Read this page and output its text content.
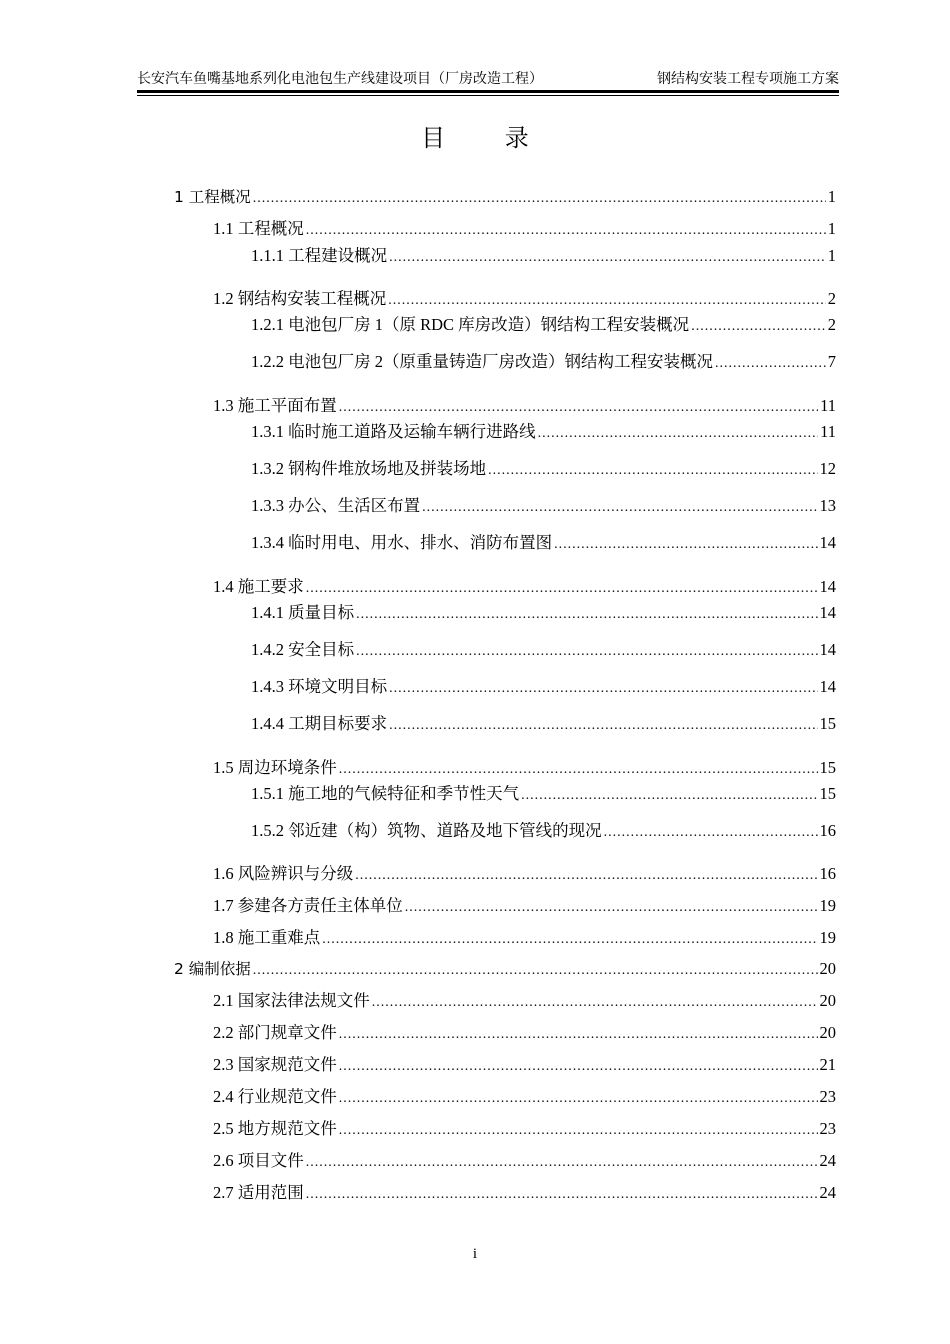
长安汽车鱼嘴基地系列化电池包生产线建设项目（厂房改造工程）	钢结构安装工程专项施工方案
目 录
1 工程概况 .....	1
1.1 工程概况 .....	1
1.1.1 工程建设概况 .....	1
1.2 钢结构安装工程概况 .....	2
1.2.1 电池包厂房 1（原 RDC 库房改造）钢结构工程安装概况 .....	2
1.2.2 电池包厂房 2（原重量铸造厂房改造）钢结构工程安装概况 .....	7
1.3 施工平面布置 .....	11
1.3.1 临时施工道路及运输车辆行进路线 .....	11
1.3.2 钢构件堆放场地及拼装场地 .....	12
1.3.3 办公、生活区布置 .....	13
1.3.4 临时用电、用水、排水、消防布置图 .....	14
1.4 施工要求 .....	14
1.4.1 质量目标 .....	14
1.4.2 安全目标 .....	14
1.4.3 环境文明目标 .....	14
1.4.4 工期目标要求 .....	15
1.5 周边环境条件 .....	15
1.5.1 施工地的气候特征和季节性天气 .....	15
1.5.2 邻近建（构）筑物、道路及地下管线的现况 .....	16
1.6 风险辨识与分级 .....	16
1.7 参建各方责任主体单位 .....	19
1.8 施工重难点 .....	19
2 编制依据 .....	20
2.1 国家法律法规文件 .....	20
2.2 部门规章文件 .....	20
2.3 国家规范文件 .....	21
2.4 行业规范文件 .....	23
2.5 地方规范文件 .....	23
2.6 项目文件 .....	24
2.7 适用范围 .....	24
i
